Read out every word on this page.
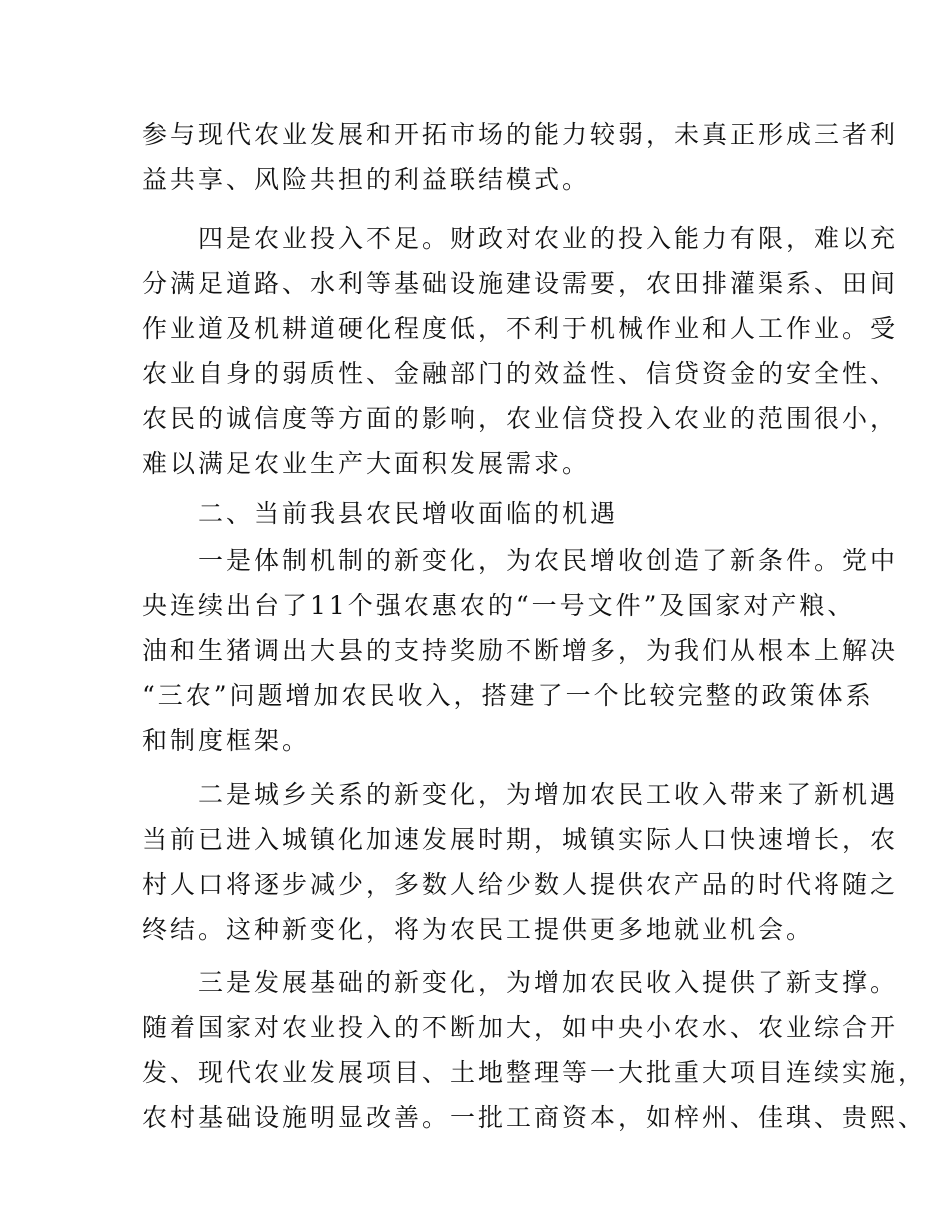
参与现代农业发展和开拓市场的能力较弱，未真正形成三者利
益共享、风险共担的利益联结模式。
　　四是农业投入不足。财政对农业的投入能力有限，难以充
分满足道路、水利等基础设施建设需要，农田排灌渠系、田间
作业道及机耕道硬化程度低，不利于机械作业和人工作业。受
农业自身的弱质性、金融部门的效益性、信贷资金的安全性、
农民的诚信度等方面的影响，农业信贷投入农业的范围很小，
难以满足农业生产大面积发展需求。
　　二、当前我县农民增收面临的机遇
　　一是体制机制的新变化，为农民增收创造了新条件。党中
央连续出台了11个强农惠农的“一号文件”及国家对产粮、
油和生猪调出大县的支持奖励不断增多，为我们从根本上解决
“三农”问题增加农民收入，搭建了一个比较完整的政策体系
和制度框架。
　　二是城乡关系的新变化，为增加农民工收入带来了新机遇
当前已进入城镇化加速发展时期，城镇实际人口快速增长，农
村人口将逐步减少，多数人给少数人提供农产品的时代将随之
终结。这种新变化，将为农民工提供更多地就业机会。
　　三是发展基础的新变化，为增加农民收入提供了新支撑。
随着国家对农业投入的不断加大，如中央小农水、农业综合开
发、现代农业发展项目、土地整理等一大批重大项目连续实施，
农村基础设施明显改善。一批工商资本，如梓州、佳琪、贵熙、
